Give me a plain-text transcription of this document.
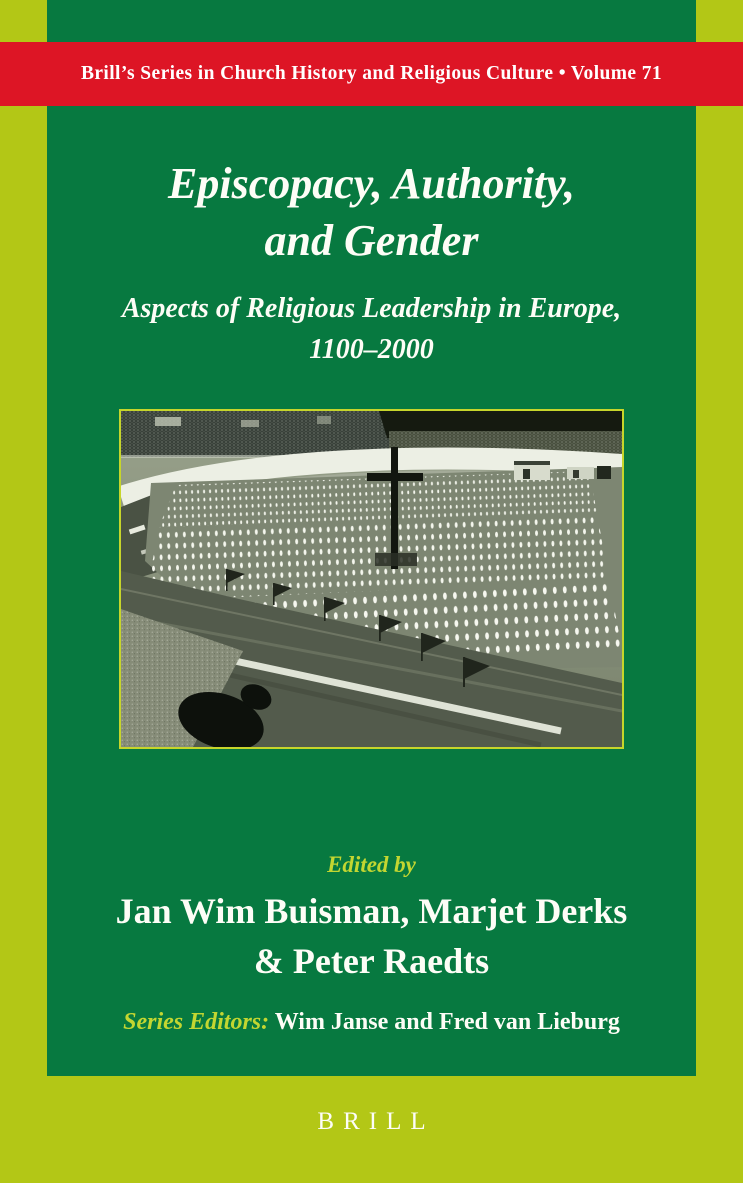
Brill’s Series in Church History and Religious Culture • Volume 71
Episcopacy, Authority,
and Gender
Aspects of Religious Leadership in Europe,
1100–2000
Edited by
Jan Wim Buisman, Marjet Derks
& Peter Raedts
Series Editors: Wim Janse and Fred van Lieburg
BRILL
